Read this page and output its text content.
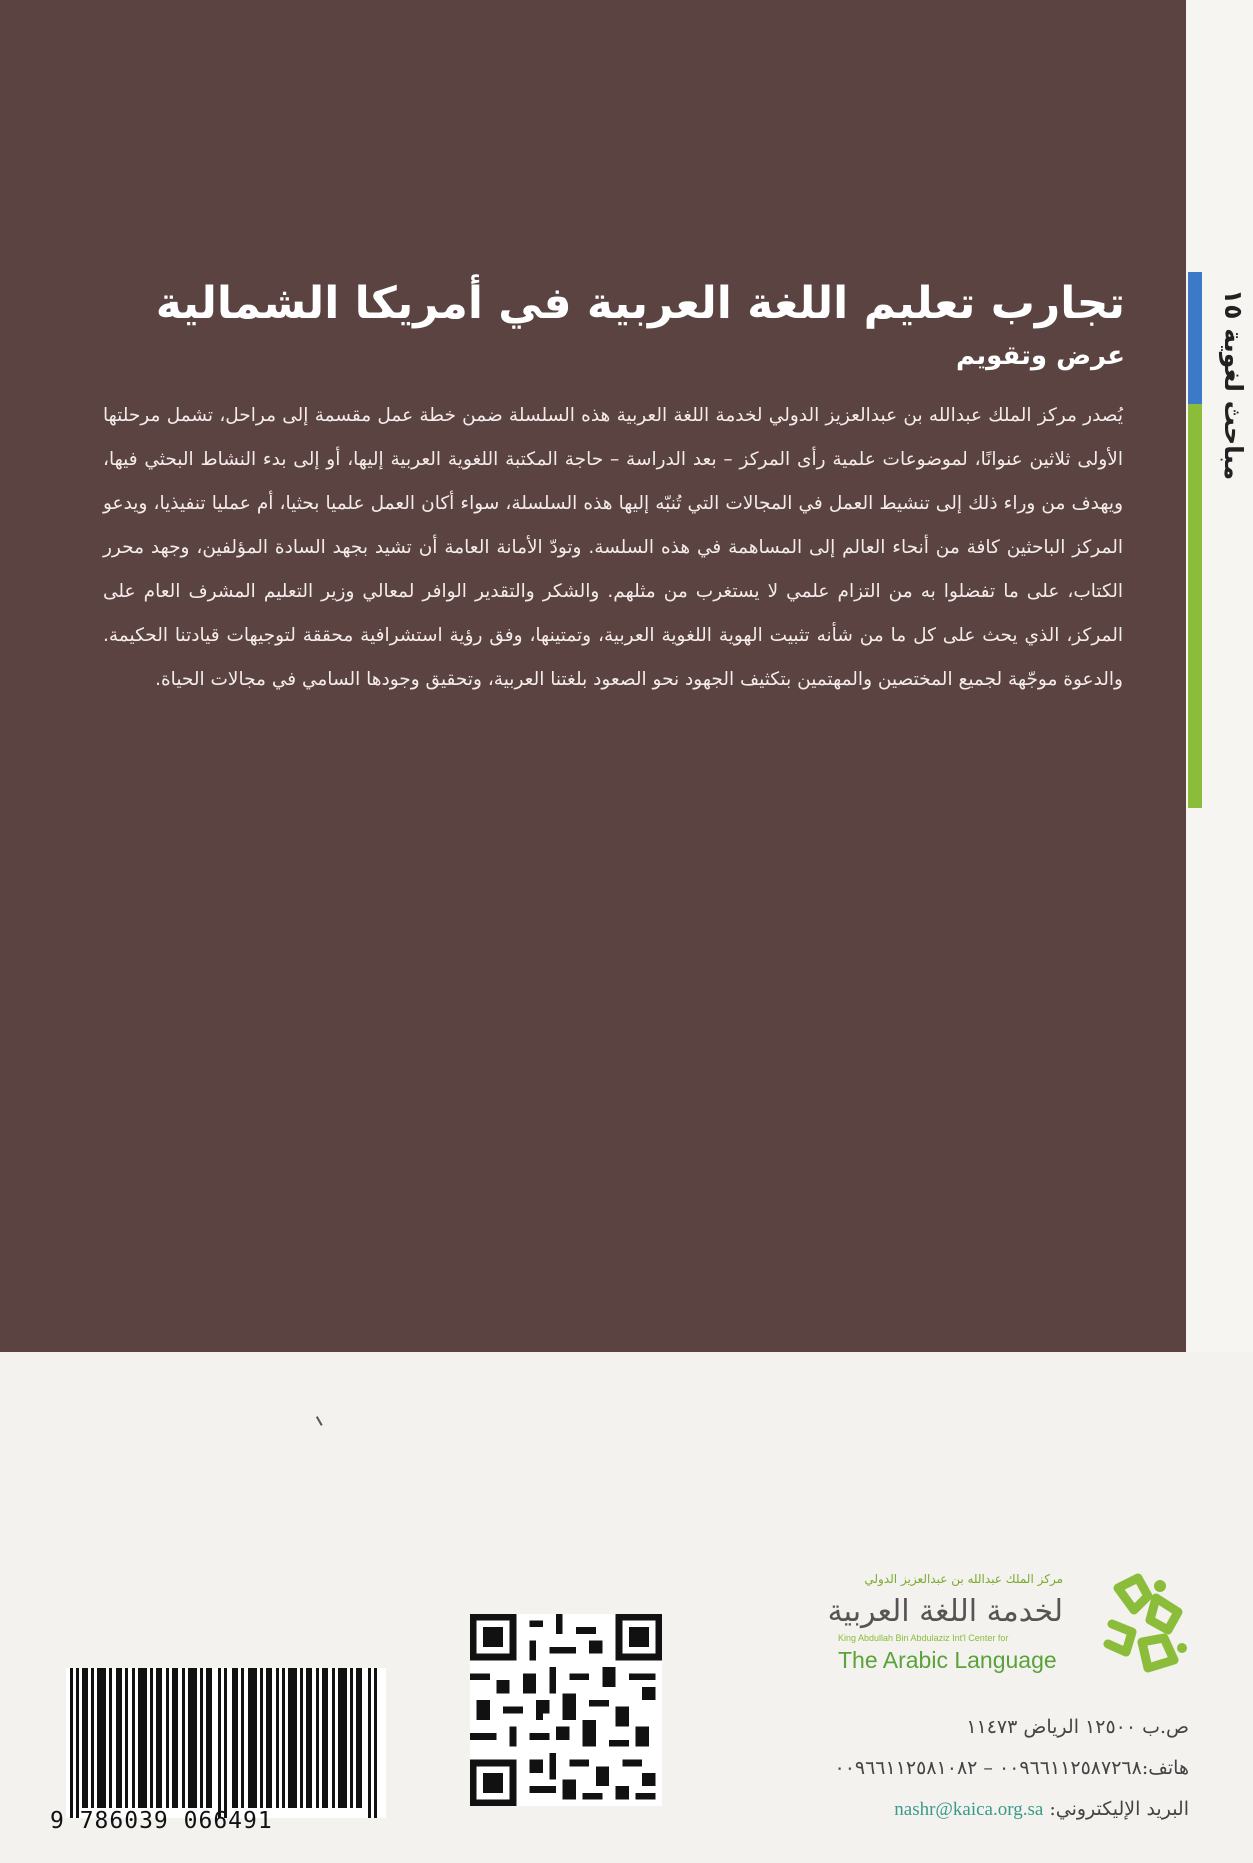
مباحث لغوية ١٥
تجارب تعليم اللغة العربية في أمريكا الشمالية
عرض وتقويم
يُصدر مركز الملك عبدالله بن عبدالعزيز الدولي لخدمة اللغة العربية هذه السلسلة ضمن خطة عمل مقسمة إلى مراحل، تشمل مرحلتها الأولى ثلاثين عنوانًا، لموضوعات علمية رأى المركز – بعد الدراسة – حاجة المكتبة اللغوية العربية إليها، أو إلى بدء النشاط البحثي فيها، ويهدف من وراء ذلك إلى تنشيط العمل في المجالات التي تُنبّه إليها هذه السلسلة، سواء أكان العمل علميا بحثيا، أم عمليا تنفيذيا، ويدعو المركز الباحثين كافة من أنحاء العالم إلى المساهمة في هذه السلسة. وتودّ الأمانة العامة أن تشيد بجهد السادة المؤلفين، وجهد محرر الكتاب، على ما تفضلوا به من التزام علمي لا يستغرب من مثلهم. والشكر والتقدير الوافر لمعالي وزير التعليم المشرف العام على المركز، الذي يحث على كل ما من شأنه تثبيت الهوية اللغوية العربية، وتمتينها، وفق رؤية استشرافية محققة لتوجيهات قيادتنا الحكيمة. والدعوة موجّهة لجميع المختصين والمهتمين بتكثيف الجهود نحو الصعود بلغتنا العربية، وتحقيق وجودها السامي في مجالات الحياة.
مركز الملك عبدالله بن عبدالعزيز الدولي
لخدمة اللغة العربية
King Abdullah Bin Abdulaziz Int'l Center for
The Arabic Language
ص.ب ١٢٥٠٠ الرياض ١١٤٧٣
هاتف:٠٠٩٦٦١١٢٥٨٧٢٦٨ – ٠٠٩٦٦١١٢٥٨١٠٨٢
البريد الإليكتروني: nashr@kaica.org.sa
9 786039 066491
